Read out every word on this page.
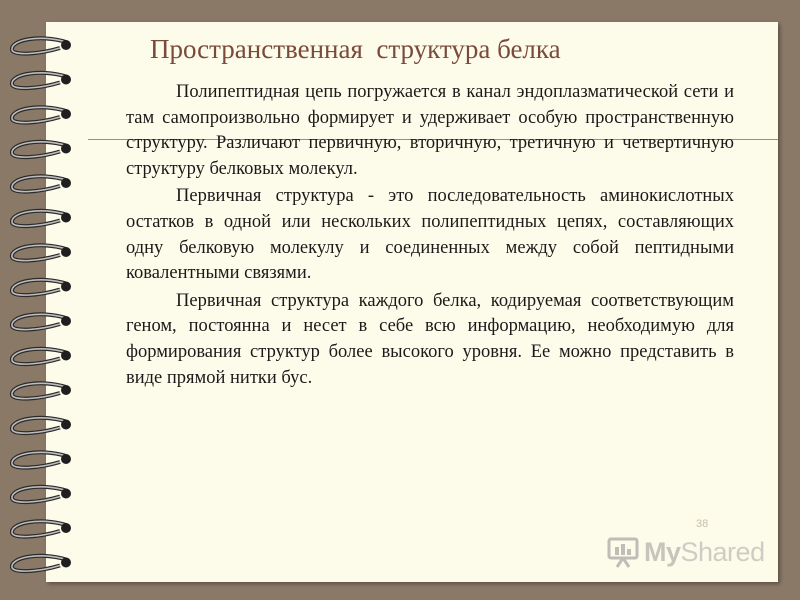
Пространственная  структура белка

Полипептидная цепь погружается в канал эндоплазматической сети и там самопроизвольно формирует и удерживает особую пространственную структуру. Различают первичную, вторичную, третичную и четвертичную структуру белковых молекул.

Первичная структура - это последовательность аминокислотных остатков в одной или нескольких полипептидных цепях, составляющих одну белковую молекулу и соединенных между собой пептидными ковалентными связями.

Первичная структура каждого белка, кодируемая соответствующим геном, постоянна и несет в себе всю информацию, необходимую для формирования структур более высокого уровня. Ее можно представить в виде прямой нитки бус.

38
MyShared
